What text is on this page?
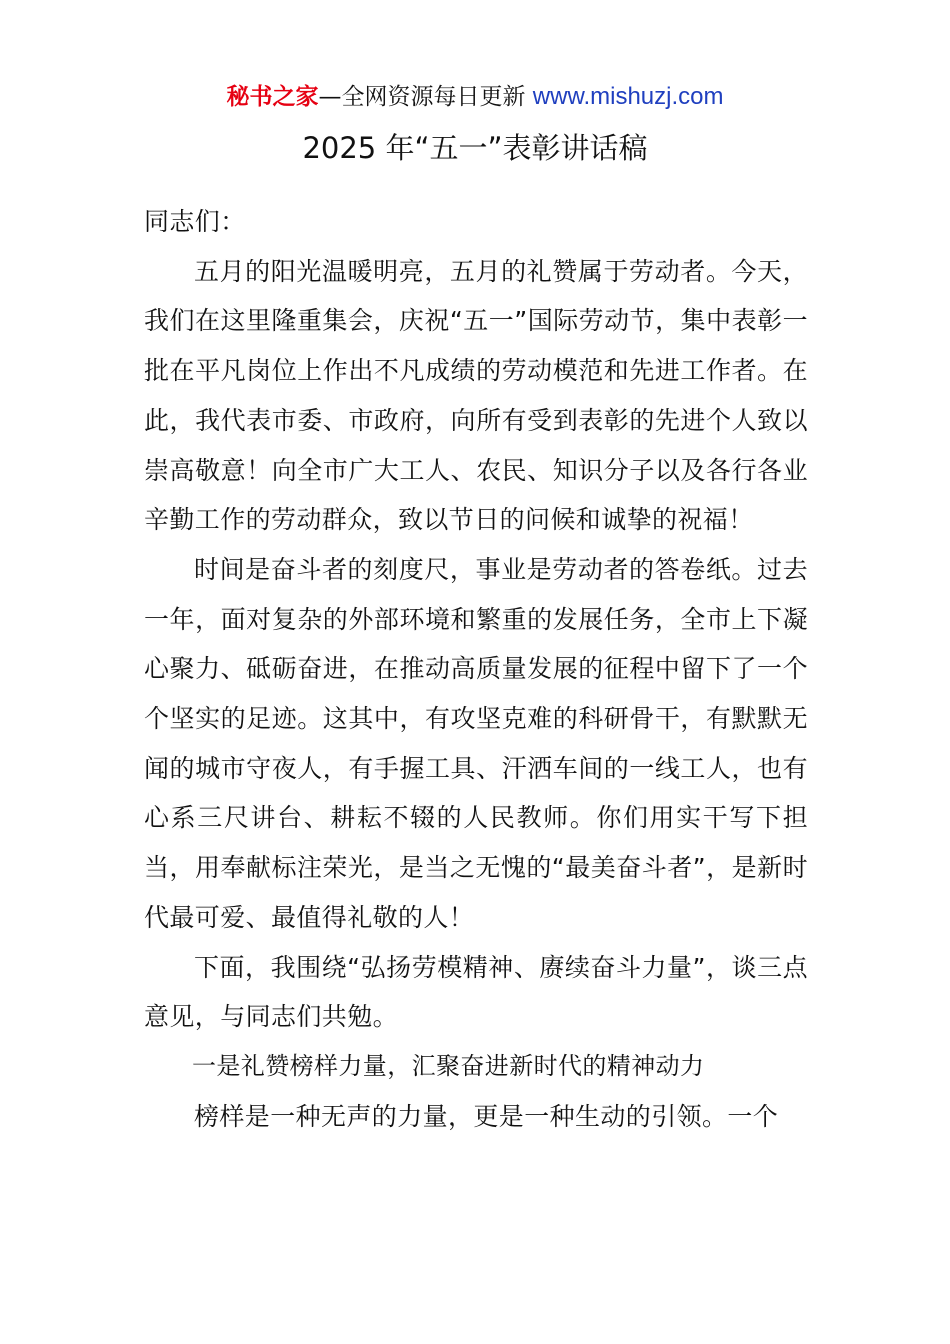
秘书之家—全网资源每日更新 www.mishuzj.com
2025 年“五一”表彰讲话稿

同志们：

五月的阳光温暖明亮，五月的礼赞属于劳动者。今天，我们在这里隆重集会，庆祝“五一”国际劳动节，集中表彰一批在平凡岗位上作出不凡成绩的劳动模范和先进工作者。在此，我代表市委、市政府，向所有受到表彰的先进个人致以崇高敬意！向全市广大工人、农民、知识分子以及各行各业辛勤工作的劳动群众，致以节日的问候和诚挚的祝福！

时间是奋斗者的刻度尺，事业是劳动者的答卷纸。过去一年，面对复杂的外部环境和繁重的发展任务，全市上下凝心聚力、砥砺奋进，在推动高质量发展的征程中留下了一个个坚实的足迹。这其中，有攻坚克难的科研骨干，有默默无闻的城市守夜人，有手握工具、汗洒车间的一线工人，也有心系三尺讲台、耕耘不辍的人民教师。你们用实干写下担当，用奉献标注荣光，是当之无愧的“最美奋斗者”，是新时代最可爱、最值得礼敬的人！

下面，我围绕“弘扬劳模精神、赓续奋斗力量”，谈三点意见，与同志们共勉。

一是礼赞榜样力量，汇聚奋进新时代的精神动力

榜样是一种无声的力量，更是一种生动的引领。一个
